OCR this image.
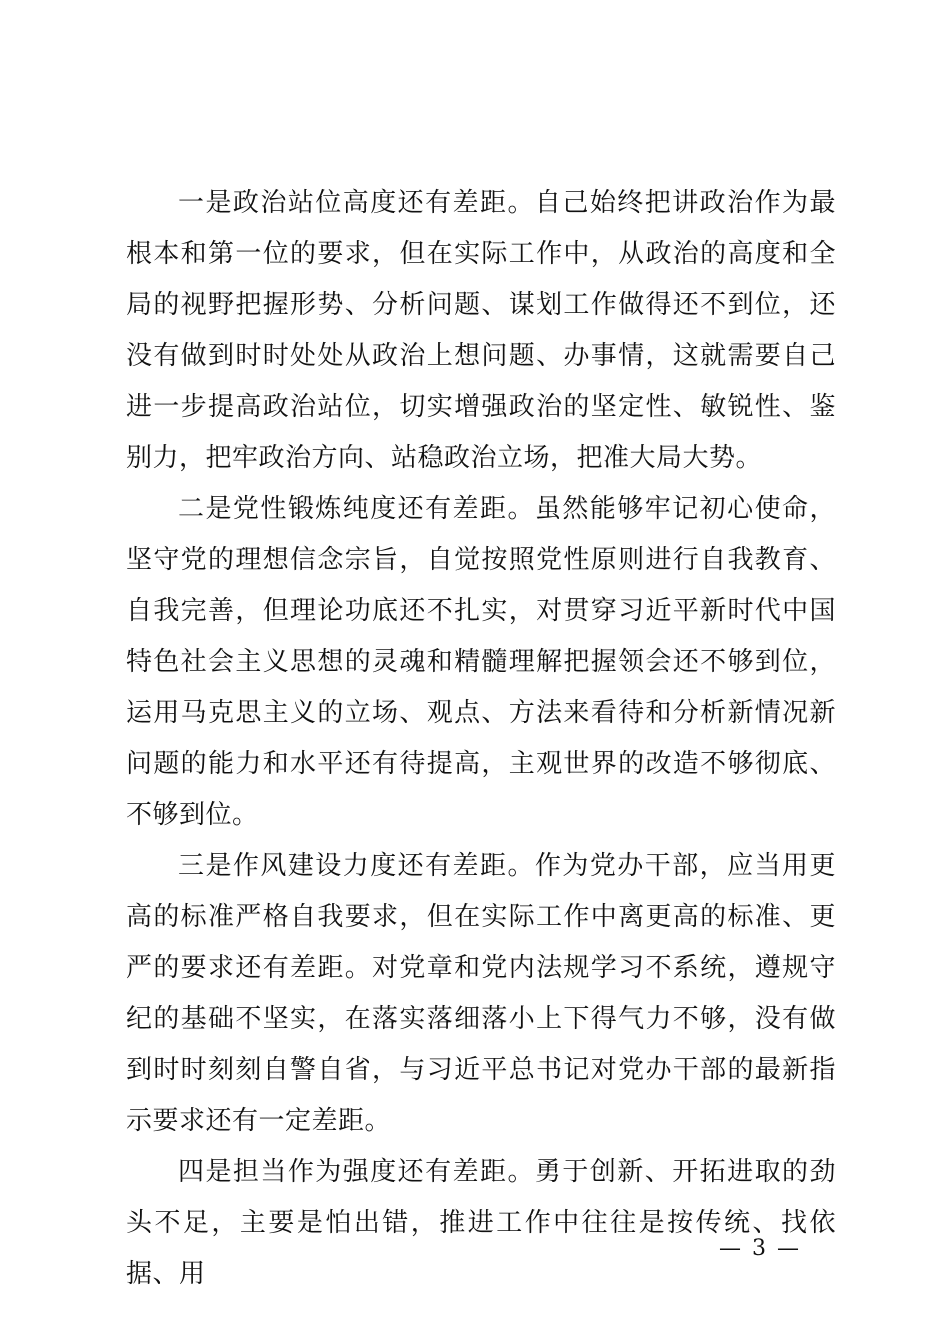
一是政治站位高度还有差距。自己始终把讲政治作为最根本和第一位的要求，但在实际工作中，从政治的高度和全局的视野把握形势、分析问题、谋划工作做得还不到位，还没有做到时时处处从政治上想问题、办事情，这就需要自己进一步提高政治站位，切实增强政治的坚定性、敏锐性、鉴别力，把牢政治方向、站稳政治立场，把准大局大势。

二是党性锻炼纯度还有差距。虽然能够牢记初心使命，坚守党的理想信念宗旨，自觉按照党性原则进行自我教育、自我完善，但理论功底还不扎实，对贯穿习近平新时代中国特色社会主义思想的灵魂和精髓理解把握领会还不够到位，运用马克思主义的立场、观点、方法来看待和分析新情况新问题的能力和水平还有待提高，主观世界的改造不够彻底、不够到位。

三是作风建设力度还有差距。作为党办干部，应当用更高的标准严格自我要求，但在实际工作中离更高的标准、更严的要求还有差距。对党章和党内法规学习不系统，遵规守纪的基础不坚实，在落实落细落小上下得气力不够，没有做到时时刻刻自警自省，与习近平总书记对党办干部的最新指示要求还有一定差距。

四是担当作为强度还有差距。勇于创新、开拓进取的劲头不足，主要是怕出错，推进工作中往往是按传统、找依据、用

— 3 —
